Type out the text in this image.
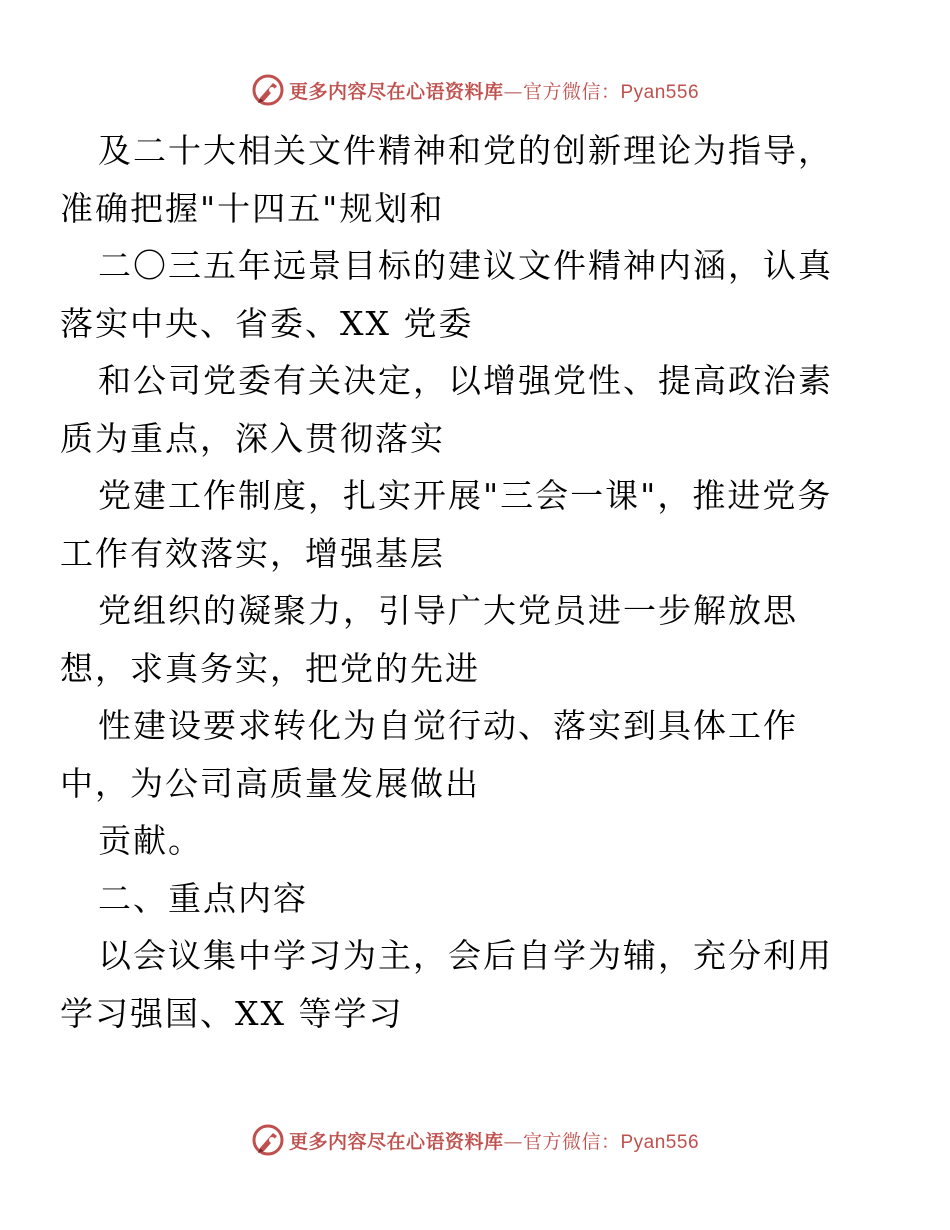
更多内容尽在心语资料库—官方微信：Pyan556
及二十大相关文件精神和党的创新理论为指导，
准确把握"十四五"规划和
二〇三五年远景目标的建议文件精神内涵，认真
落实中央、省委、XX 党委
和公司党委有关决定，以增强党性、提高政治素
质为重点，深入贯彻落实
党建工作制度，扎实开展"三会一课"，推进党务
工作有效落实，增强基层
党组织的凝聚力，引导广大党员进一步解放思
想，求真务实，把党的先进
性建设要求转化为自觉行动、落实到具体工作
中，为公司高质量发展做出
贡献。
二、重点内容
以会议集中学习为主，会后自学为辅，充分利用
学习强国、XX 等学习
更多内容尽在心语资料库—官方微信：Pyan556
